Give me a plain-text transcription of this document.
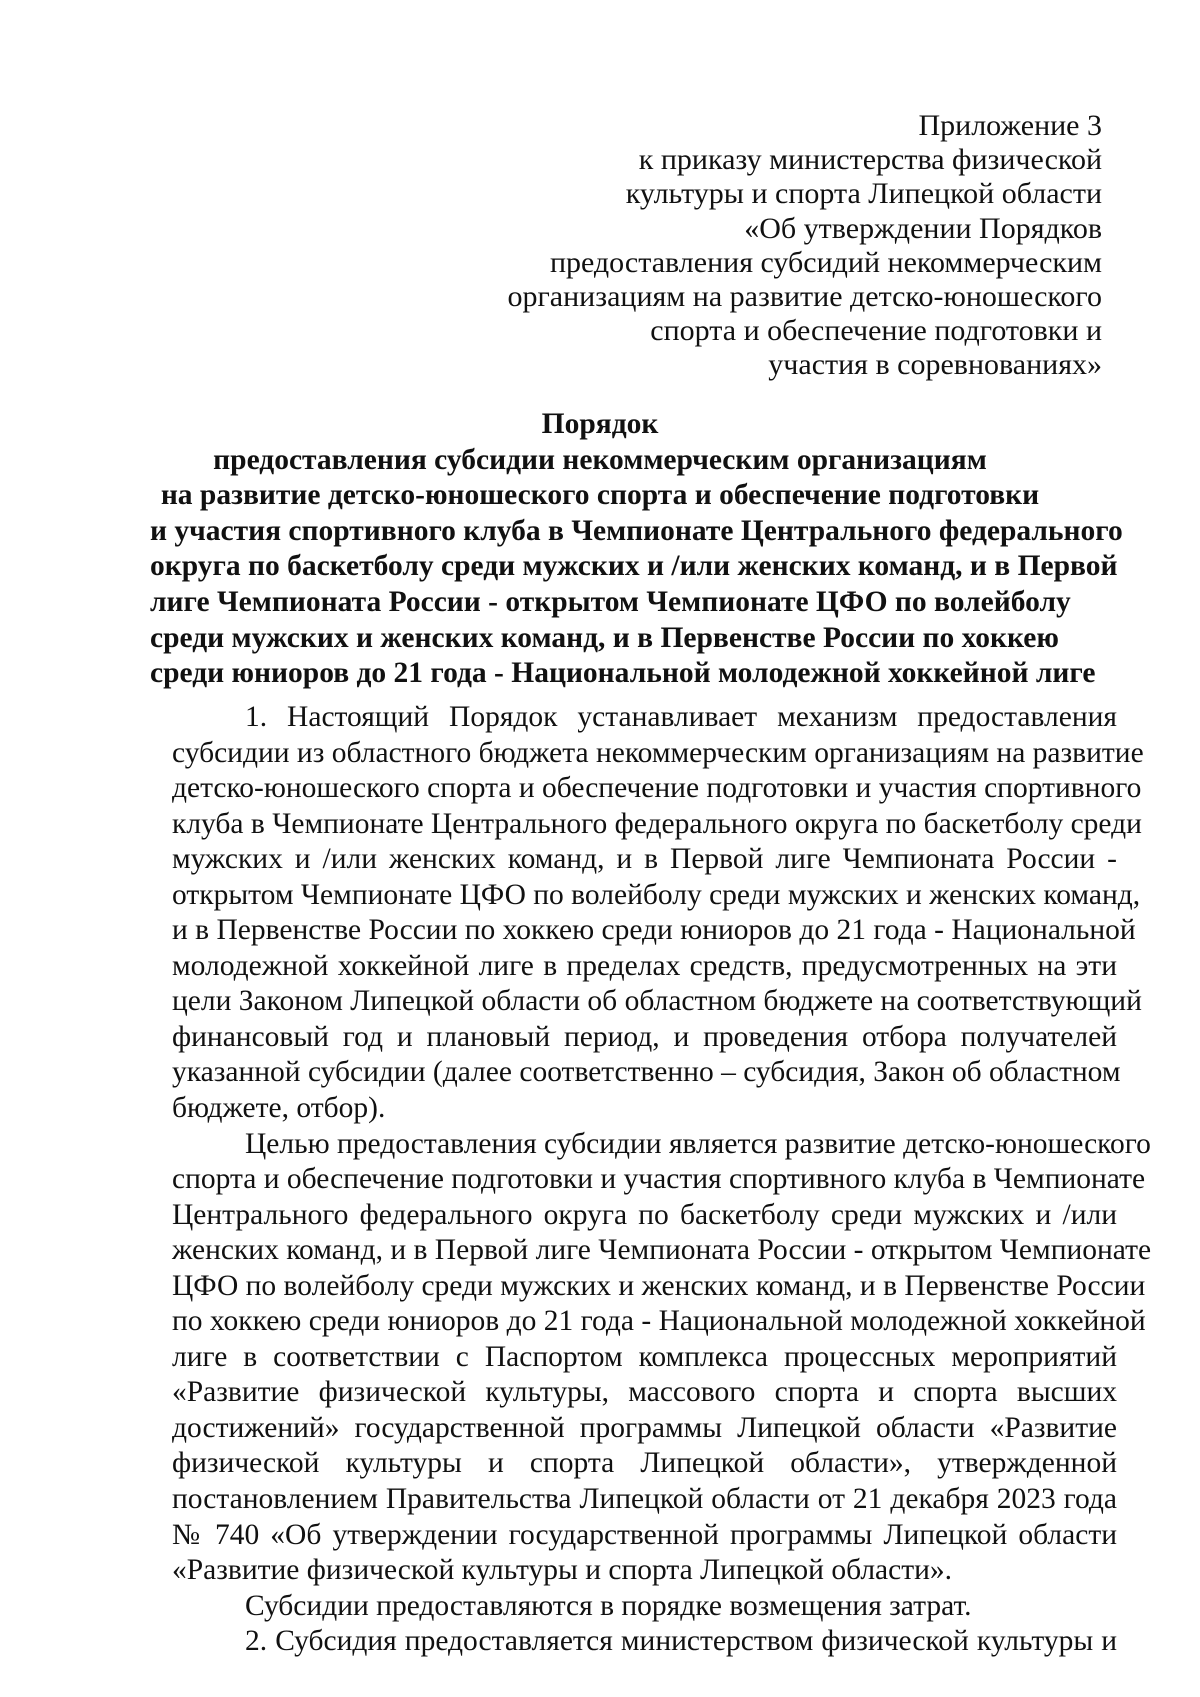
Приложение 3
к приказу министерства физической
культуры и спорта Липецкой области
«Об утверждении Порядков
предоставления субсидий некоммерческим
организациям на развитие детско-юношеского
спорта и обеспечение подготовки и
участия в соревнованиях»
Порядок
предоставления субсидии некоммерческим организациям
на развитие детско-юношеского спорта и обеспечение подготовки
и участия спортивного клуба в Чемпионате Центрального федерального
округа по баскетболу среди мужских и /или женских команд, и в Первой
лиге Чемпионата России - открытом Чемпионате ЦФО по волейболу
среди мужских и женских команд, и в Первенстве России по хоккею
среди юниоров до 21 года - Национальной молодежной хоккейной лиге

1. Настоящий Порядок устанавливает механизм предоставления
субсидии из областного бюджета некоммерческим организациям на развитие
детско-юношеского спорта и обеспечение подготовки и участия спортивного
клуба в Чемпионате Центрального федерального округа по баскетболу среди
мужских и /или женских команд, и в Первой лиге Чемпионата России -
открытом Чемпионате ЦФО по волейболу среди мужских и женских команд,
и в Первенстве России по хоккею среди юниоров до 21 года - Национальной
молодежной хоккейной лиге в пределах средств, предусмотренных на эти
цели Законом Липецкой области об областном бюджете на соответствующий
финансовый год и плановый период, и проведения отбора получателей
указанной субсидии (далее соответственно – субсидия, Закон об областном
бюджете, отбор).

Целью предоставления субсидии является развитие детско-юношеского
спорта и обеспечение подготовки и участия спортивного клуба в Чемпионате
Центрального федерального округа по баскетболу среди мужских и /или
женских команд, и в Первой лиге Чемпионата России - открытом Чемпионате
ЦФО по волейболу среди мужских и женских команд, и в Первенстве России
по хоккею среди юниоров до 21 года - Национальной молодежной хоккейной
лиге в соответствии с Паспортом комплекса процессных мероприятий
«Развитие физической культуры, массового спорта и спорта высших
достижений» государственной программы Липецкой области «Развитие
физической культуры и спорта Липецкой области», утвержденной
постановлением Правительства Липецкой области от 21 декабря 2023 года
№ 740 «Об утверждении государственной программы Липецкой области
«Развитие физической культуры и спорта Липецкой области».

Субсидии предоставляются в порядке возмещения затрат.

2. Субсидия предоставляется министерством физической культуры и
